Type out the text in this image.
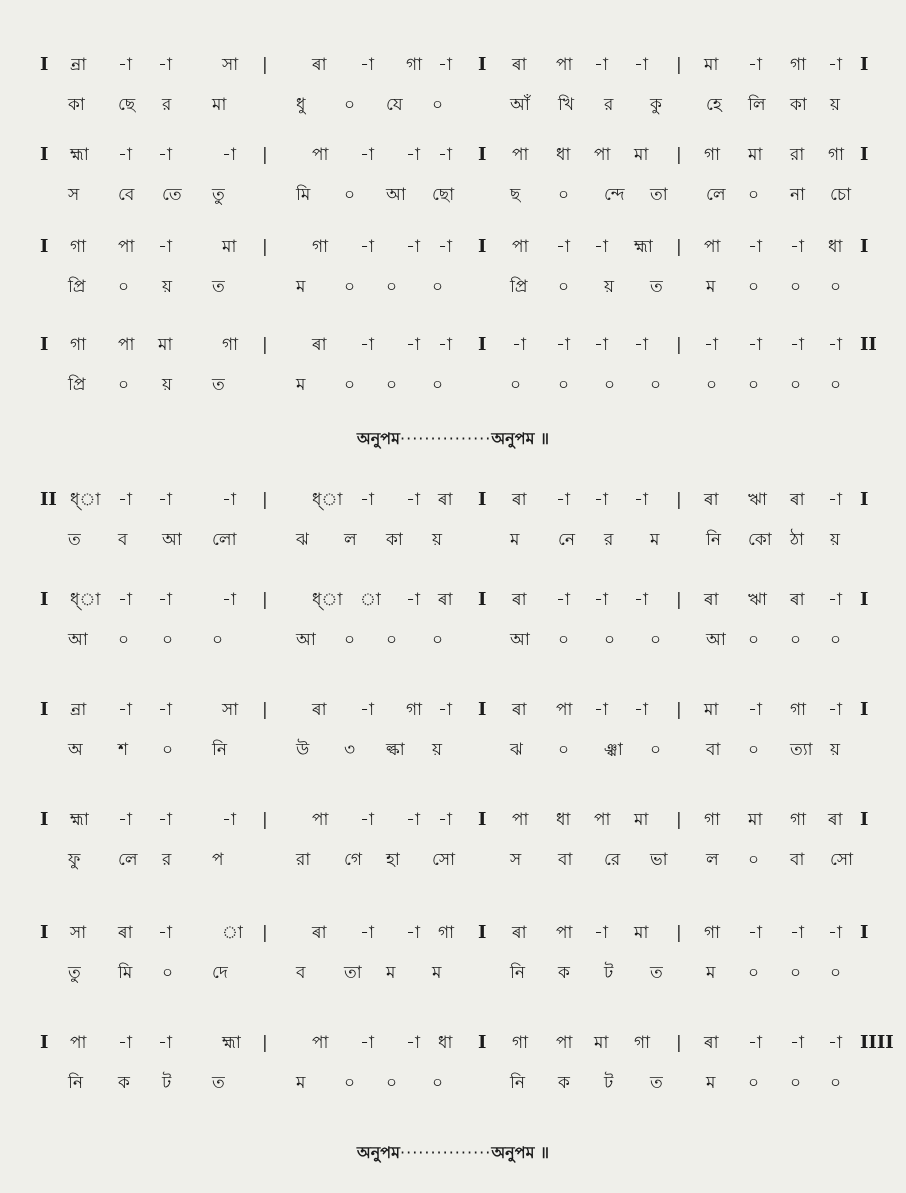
I ন্ৰা -া -া	সা |	ৰা -া গা -া I ৰা পা -া -া | মা -া গা -া I
কা ছে র মা	ধু ০ যে ০	আঁ খি র কু	হে লি কা য়
I হ্মা -া -া	-া |	পা -া -া -া I পা ধা পা মা | গা মা রা গা I
স বে তে তু	মি ০ আ ছো	ছ ০ ন্দে তা লে ০ না চো
I গা পা -া	মা |	গা -া -া -া I পা -া -া হ্মা | পা -া -া ধা I
প্রি ০ য় ত	ম ০ ০ ০	প্রি ০ য় ত	ম ০ ০ ০
I গা পা মা	গা |	ৰা -া -া -া I -া -া -া -া | -া -া -া -া II
প্রি ০ য় ত	ম ০ ০ ০	০ ০ ০ ০	০ ০ ০ ০
II ধ্া -া -া	-া |	ধ্া -া -া ৰা I ৰা -া -া -া | ৰা ঋা ৰা -া I
ত ব আ লো	ঝ ল কা য়	ম নে র ম	নি কো ঠা য়
I ধ্া -া -া	-া |	ধ্া া -া ৰা I ৰা -া -া -া | ৰা ঋা ৰা -া I
আ ০ ০ ০	আ ০ ০ ০	আ ০ ০ ০	আ ০ ০ ০
I ন্ৰা -া -া	সা |	ৰা -া গা -া I ৰা পা -া -া | মা -া গা -া I
অ শ ০ নি	উ ৩ ল্কা য়	ঝ ০ ঞ্ঝা ০	বা ০ ত্যা য়
I হ্মা -া -া	-া |	পা -া -া -া I পা ধা পা মা | গা মা গা ৰা I
ফু লে র প	রা গে হা সো	স বা রে ভা ল ০ বা সো
I সা ৰা -া	া |	ৰা -া -া গা I ৰা পা -া মা | গা -া -া -া I
তু মি ০ দে	ব তা ম ম	নি ক ট ত	ম ০ ০ ০
I পা -া -া	হ্মা |	পা -া -া ধা I গা পা মা গা | ৰা -া -া -া IIII
নি ক ট ত	ম ০ ০ ০	নি ক ট ত	ম ০ ০ ০
অনুপম···············অনুপম ॥
অনুপম···············অনুপম ॥
